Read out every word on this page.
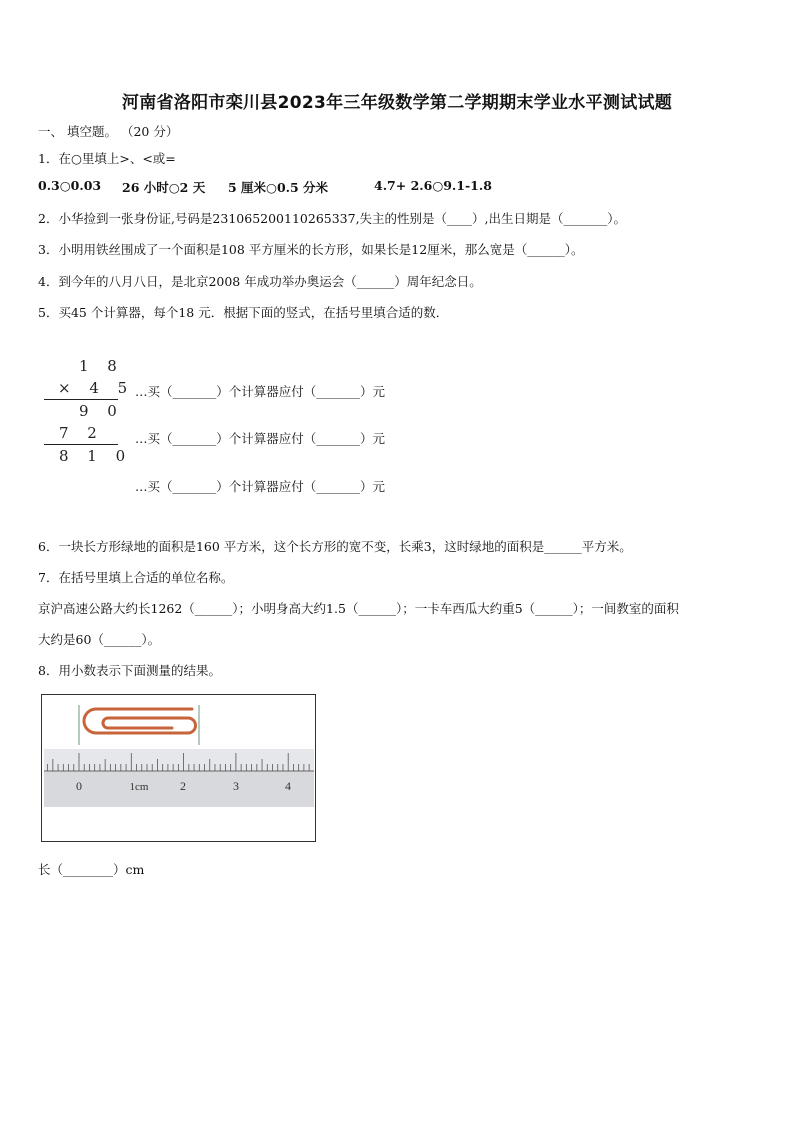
河南省洛阳市栾川县2023年三年级数学第二学期期末学业水平测试试题
一、 填空题。 （20 分）
1．在○里填上>、<或=
0.3○0.03 26 小时○2 天 5 厘米○0.5 分米	4.7+ 2.6○9.1-1.8
2．小华捡到一张身份证,号码是231065200110265337,失主的性别是（____）,出生日期是（_______）。
3．小明用铁丝围成了一个面积是108 平方厘米的长方形，如果长是12厘米，那么宽是（______）。
4．到今年的八月八日，是北京2008 年成功举办奥运会（______）周年纪念日。
5．买45 个计算器，每个18 元．根据下面的竖式，在括号里填合适的数．
1 8
× 4 5
9 0
7 2
8 1 0
…买（_______）个计算器应付（_______）元
…买（_______）个计算器应付（_______）元
…买（_______）个计算器应付（_______）元
6．一块长方形绿地的面积是160 平方米，这个长方形的宽不变，长乘3，这时绿地的面积是______平方米。
7．在括号里填上合适的单位名称。
京沪高速公路大约长1262（______）；小明身高大约1.5（______）；一卡车西瓜大约重5（______）；一间教室的面积
大约是60（______）。
8．用小数表示下面测量的结果。
0	1cm	2	3	4
长（________）cm
